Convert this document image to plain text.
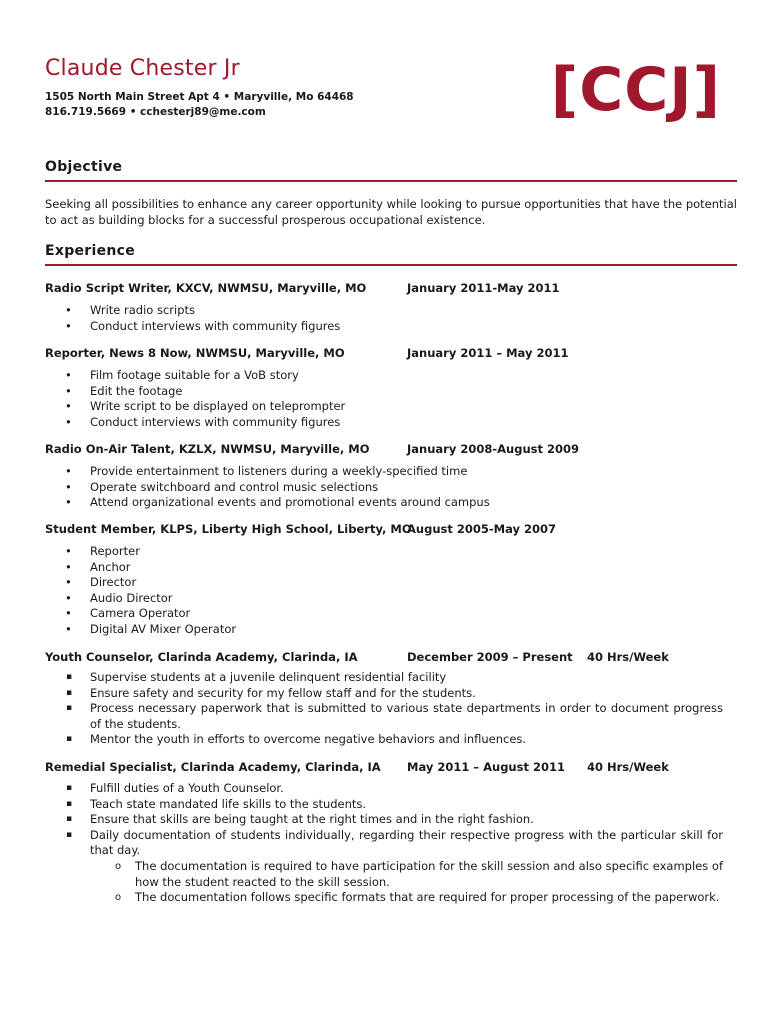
Claude Chester Jr
1505 North Main Street Apt 4 • Maryville, Mo 64468
816.719.5669 • cchesterj89@me.com	[CCJ]
Objective
Seeking all possibilities to enhance any career opportunity while looking to pursue opportunities that have the potential to act as building blocks for a successful prosperous occupational existence.
Experience
Radio Script Writer, KXCV, NWMSU, Maryville, MO	January 2011-May 2011
• Write radio scripts
• Conduct interviews with community figures
Reporter, News 8 Now, NWMSU, Maryville, MO	January 2011 – May 2011
• Film footage suitable for a VoB story
• Edit the footage
• Write script to be displayed on teleprompter
• Conduct interviews with community figures
Radio On-Air Talent, KZLX, NWMSU, Maryville, MO	January 2008-August 2009
• Provide entertainment to listeners during a weekly-specified time
• Operate switchboard and control music selections
• Attend organizational events and promotional events around campus
Student Member, KLPS, Liberty High School, Liberty, MO
August 2005-May 2007
• Reporter
• Anchor
• Director
• Audio Director
• Camera Operator
• Digital AV Mixer Operator
Youth Counselor, Clarinda Academy, Clarinda, IA	December 2009 – Present 40 Hrs/Week
▪ Supervise students at a juvenile delinquent residential facility
▪ Ensure safety and security for my fellow staff and for the students.
▪ Process necessary paperwork that is submitted to various state departments in order to document progress of the students.
▪ Mentor the youth in efforts to overcome negative behaviors and influences.
Remedial Specialist, Clarinda Academy, Clarinda, IA May 2011 – August 2011 40 Hrs/Week
▪ Fulfill duties of a Youth Counselor.
▪ Teach state mandated life skills to the students.
▪ Ensure that skills are being taught at the right times and in the right fashion.
▪ Daily documentation of students individually, regarding their respective progress with the particular skill for that day.
o The documentation is required to have participation for the skill session and also specific examples of how the student reacted to the skill session.
o The documentation follows specific formats that are required for proper processing of the paperwork.
